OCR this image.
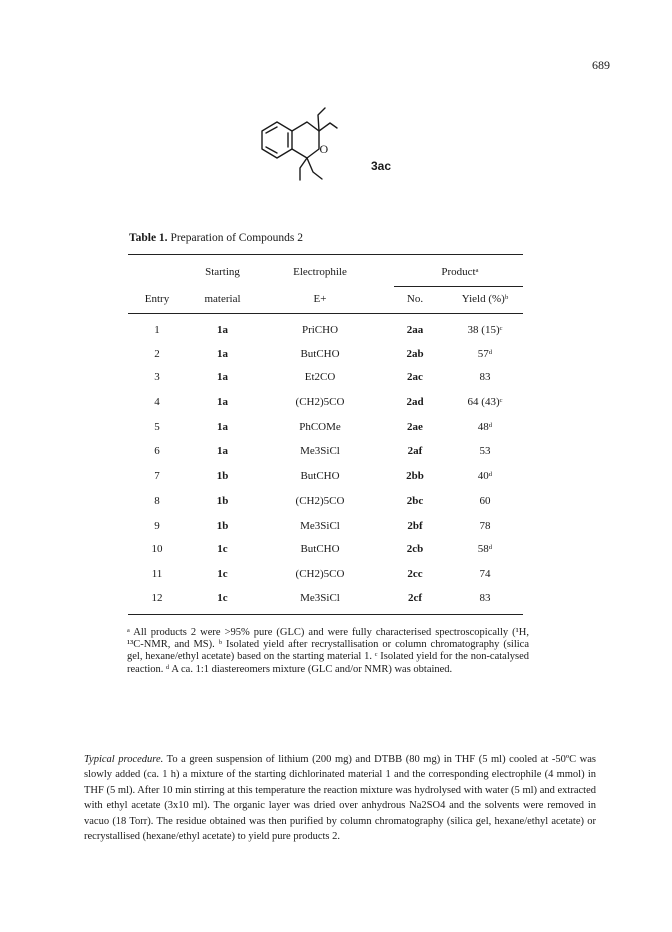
689
O
3ac
Table 1. Preparation of Compounds 2
Starting	Electrophile	Productᵃ
Entry	material	E+	No.	Yield (%)ᵇ
1	1a	PriCHO	2aa	38 (15)ᶜ
2	1a	ButCHO	2ab	57ᵈ
3	1a	Et2CO	2ac	83
4	1a	(CH2)5CO	2ad	64 (43)ᶜ
5	1a	PhCOMe	2ae	48ᵈ
6	1a	Me3SiCl	2af	53
7	1b	ButCHO	2bb	40ᵈ
8	1b	(CH2)5CO	2bc	60
9	1b	Me3SiCl	2bf	78
10	1c	ButCHO	2cb	58ᵈ
11	1c	(CH2)5CO	2cc	74
12	1c	Me3SiCl	2cf	83
ᵃ All products 2 were >95% pure (GLC) and were fully characterised spectroscopically (¹H, ¹³C-NMR, and MS). ᵇ Isolated yield after recrystallisation or column chromatography (silica gel, hexane/ethyl acetate) based on the starting material 1. ᶜ Isolated yield for the non-catalysed reaction. ᵈ A ca. 1:1 diastereomers mixture (GLC and/or NMR) was obtained.
Typical procedure. To a green suspension of lithium (200 mg) and DTBB (80 mg) in THF (5 ml) cooled at -50ºC was slowly added (ca. 1 h) a mixture of the starting dichlorinated material 1 and the corresponding electrophile (4 mmol) in THF (5 ml). After 10 min stirring at this temperature the reaction mixture was hydrolysed with water (5 ml) and extracted with ethyl acetate (3x10 ml). The organic layer was dried over anhydrous Na2SO4 and the solvents were removed in vacuo (18 Torr). The residue obtained was then purified by column chromatography (silica gel, hexane/ethyl acetate) or recrystallised (hexane/ethyl acetate) to yield pure products 2.
